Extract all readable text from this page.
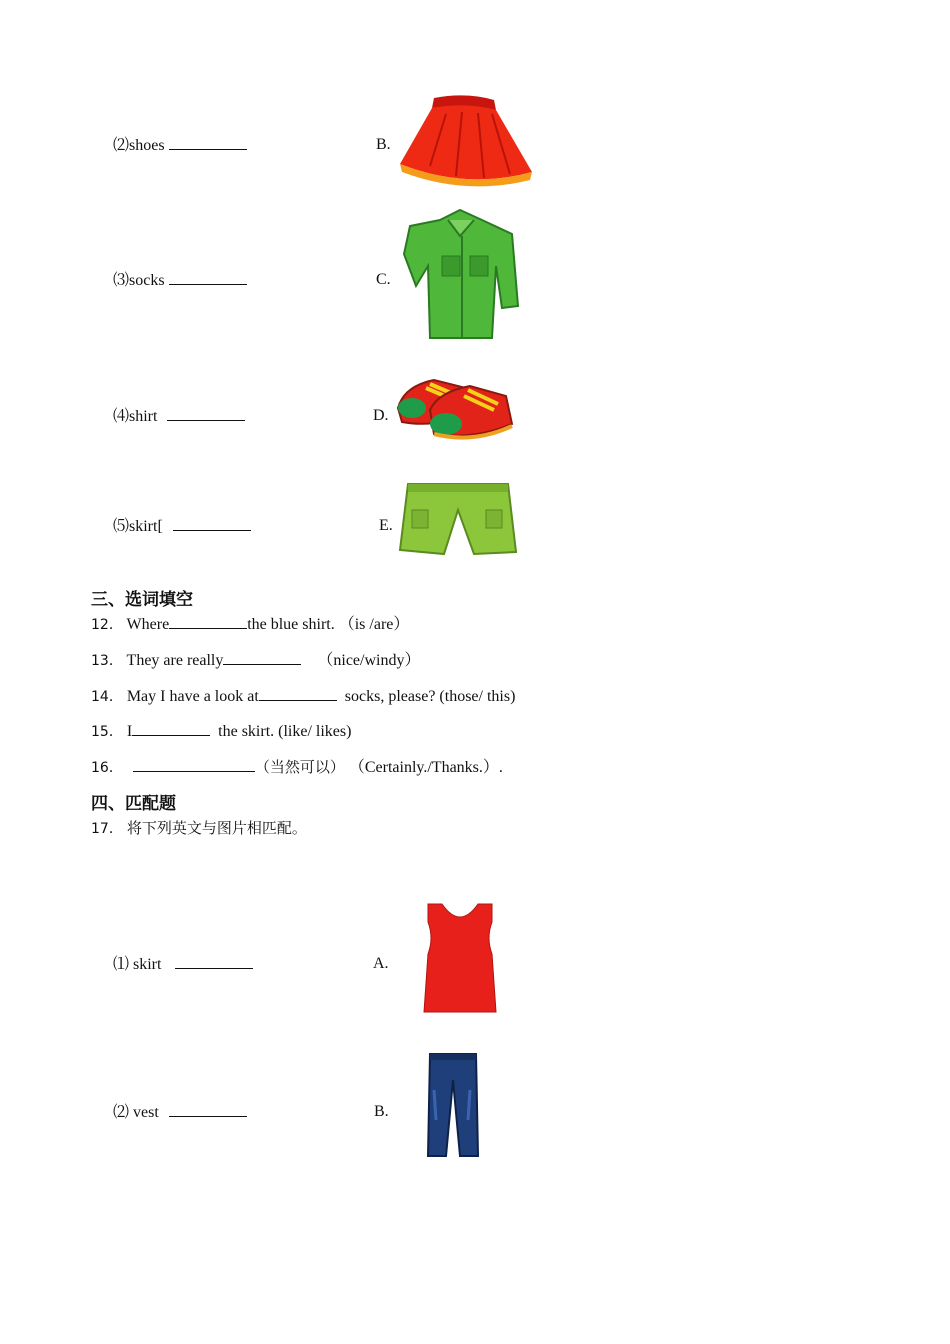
⑵shoes	B.
⑶socks	C.
⑷shirt	D.
⑸skirt[	E.
三、选词填空
12． Where	the blue shirt. （is /are）
13． They are really	（nice/windy）
14． May I have a look at	socks, please? (those/ this)
15． I	the skirt. (like/ likes)
16．	（当然可以） （Certainly./Thanks.）.
四、匹配题
17． 将下列英文与图片相匹配。
⑴ skirt	A.
⑵ vest	B.
